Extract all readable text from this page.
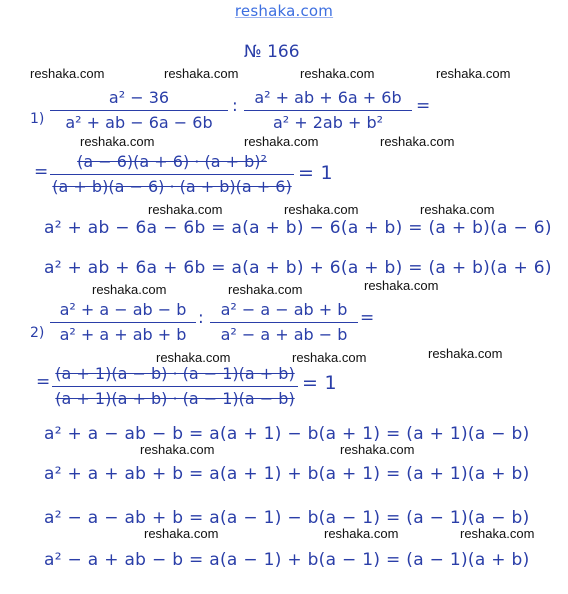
reshaka.com
reshaka.com	reshaka.com	reshaka.com	reshaka.com
reshaka.com	reshaka.com	reshaka.com
reshaka.com	reshaka.com	reshaka.com
reshaka.com	reshaka.com	reshaka.com
reshaka.com	reshaka.com	reshaka.com
reshaka.com	reshaka.com
reshaka.com	reshaka.com	reshaka.com
№ 166
1)
a² − 36
a² + ab − 6a − 6b
:	a² + ab + 6a + 6b
a² + 2ab + b²
=
=
(a − 6)(a + 6) · (a + b)²
(a + b)(a − 6) · (a + b)(a + 6)
= 1
a² + ab − 6a − 6b = a(a + b) − 6(a + b) = (a + b)(a − 6)
a² + ab + 6a + 6b = a(a + b) + 6(a + b) = (a + b)(a + 6)
2)
a² + a − ab − b
a² + a + ab + b
:	a² − a − ab + b
a² − a + ab − b
=
= (a + 1)(a − b) · (a − 1)(a + b)
(a + 1)(a + b) · (a − 1)(a − b)
= 1
a² + a − ab − b = a(a + 1) − b(a + 1) = (a + 1)(a − b)
a² + a + ab + b = a(a + 1) + b(a + 1) = (a + 1)(a + b)
a² − a − ab + b = a(a − 1) − b(a − 1) = (a − 1)(a − b)
a² − a + ab − b = a(a − 1) + b(a − 1) = (a − 1)(a + b)
